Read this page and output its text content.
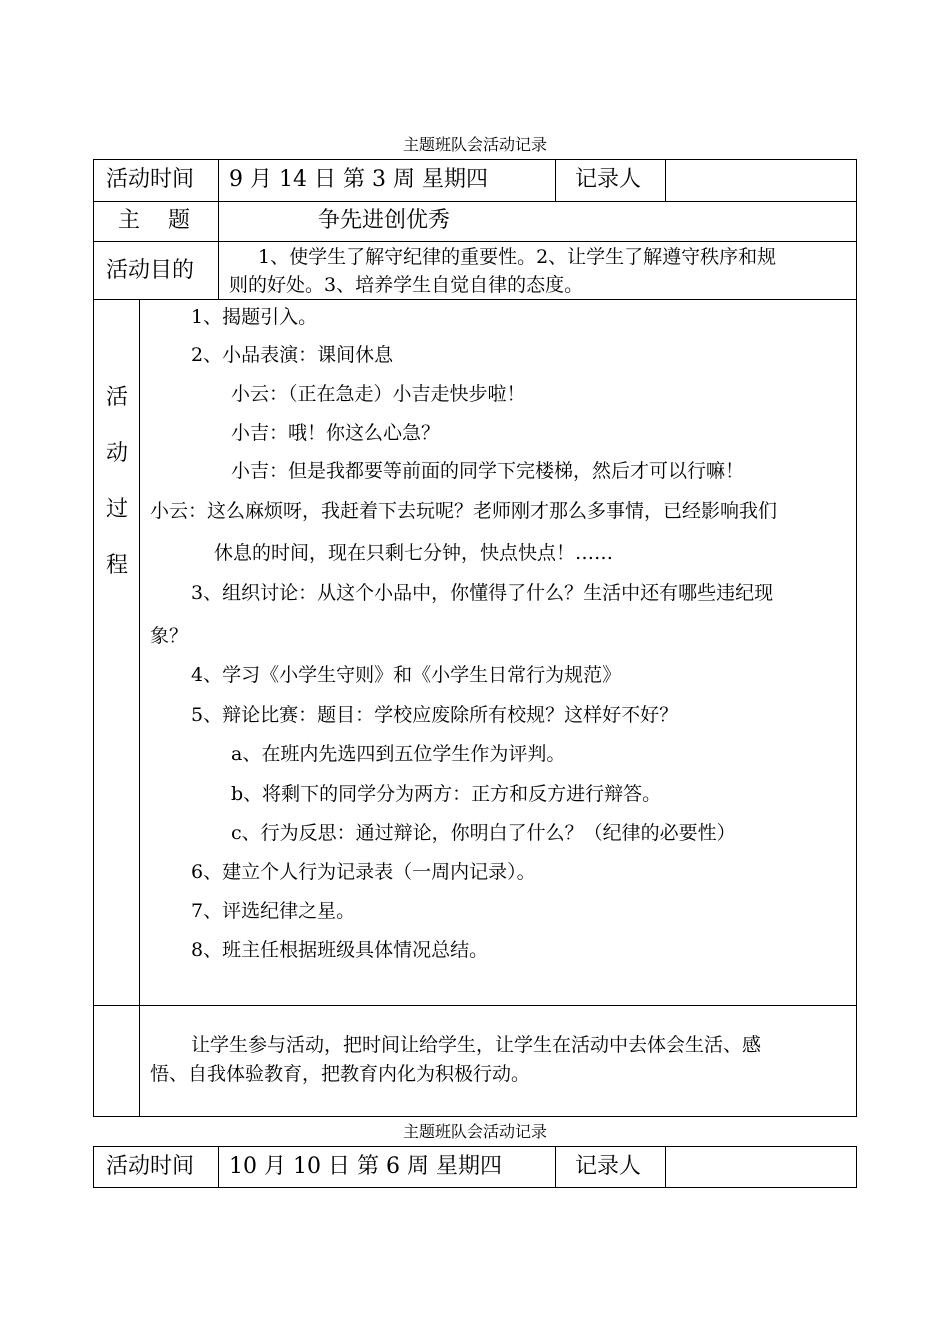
主题班队会活动记录
活动时间 9 月 14 日 第 3 周 星期四	记录人
主    题	争先进创优秀
活动目的
1、使学生了解守纪律的重要性。2、让学生了解遵守秩序和规
则的好处。3、培养学生自觉自律的态度。
活
动
过
程
1、揭题引入。
2、小品表演：课间休息
小云：（正在急走）小吉走快步啦！
小吉：哦！你这么心急？
小吉：但是我都要等前面的同学下完楼梯，然后才可以行嘛！
小云：这么麻烦呀，我赶着下去玩呢？老师刚才那么多事情，已经影响我们
休息的时间，现在只剩七分钟，快点快点！……
3、组织讨论：从这个小品中，你懂得了什么？生活中还有哪些违纪现
象？
4、学习《小学生守则》和《小学生日常行为规范》
5、辩论比赛：题目：学校应废除所有校规？这样好不好？
a、在班内先选四到五位学生作为评判。
b、将剩下的同学分为两方：正方和反方进行辩答。
c、行为反思：通过辩论，你明白了什么？（纪律的必要性）
6、建立个人行为记录表（一周内记录）。
7、评选纪律之星。
8、班主任根据班级具体情况总结。
让学生参与活动，把时间让给学生，让学生在活动中去体会生活、感
悟、自我体验教育，把教育内化为积极行动。
主题班队会活动记录
活动时间 10 月 10 日 第 6 周 星期四	记录人
